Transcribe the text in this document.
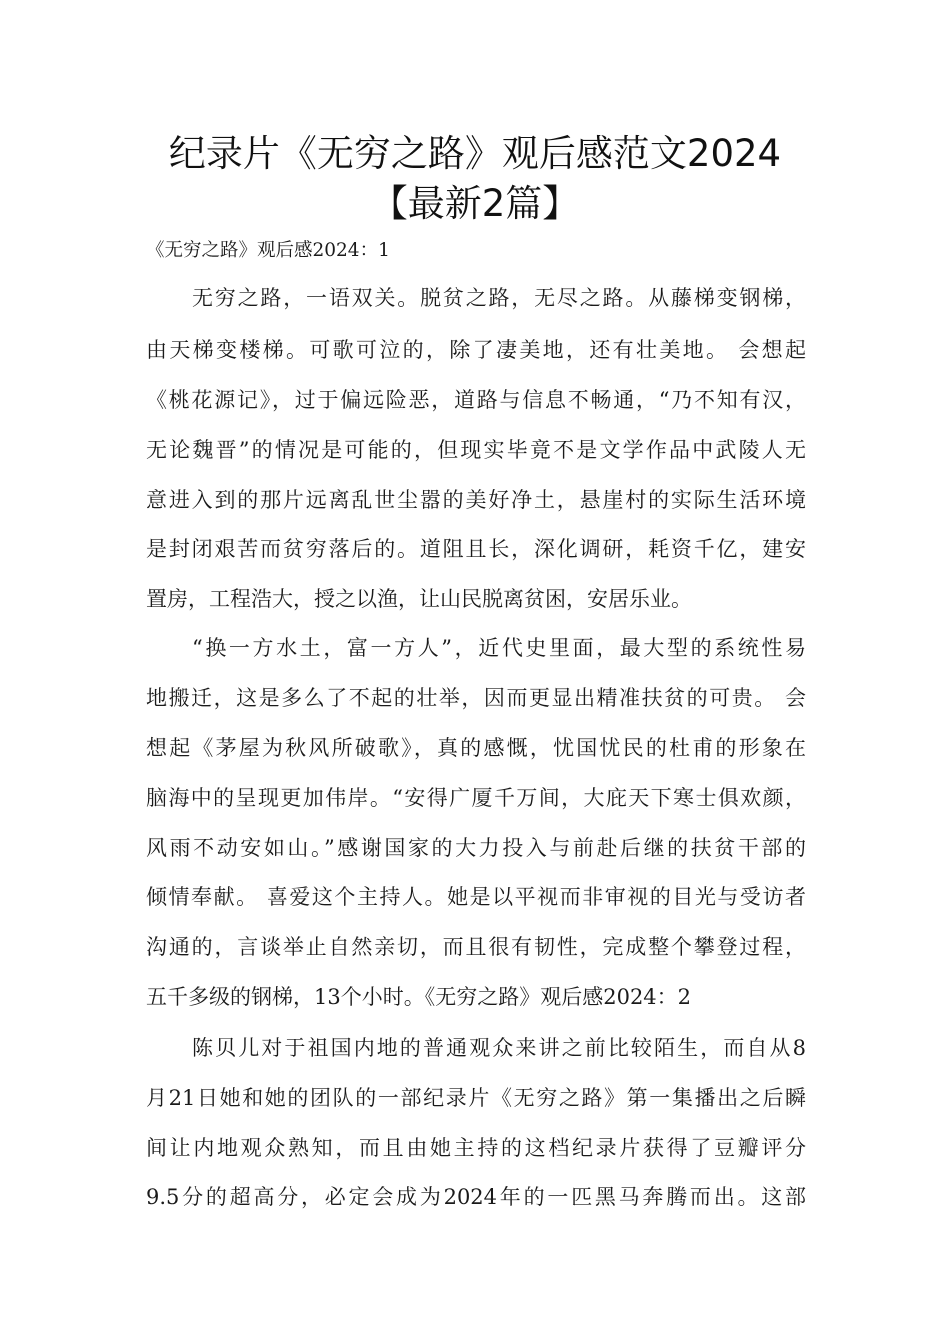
纪录片《无穷之路》观后感范文2024
【最新2篇】
《无穷之路》观后感2024：1
无穷之路，一语双关。脱贫之路，无尽之路。从藤梯变钢梯，
由天梯变楼梯。可歌可泣的，除了凄美地，还有壮美地。 会想起
《桃花源记》，过于偏远险恶，道路与信息不畅通，“乃不知有汉，
无论魏晋”的情况是可能的，但现实毕竟不是文学作品中武陵人无
意进入到的那片远离乱世尘嚣的美好净土，悬崖村的实际生活环境
是封闭艰苦而贫穷落后的。道阻且长，深化调研，耗资千亿，建安
置房，工程浩大，授之以渔，让山民脱离贫困，安居乐业。
“换一方水土，富一方人”，近代史里面，最大型的系统性易
地搬迁，这是多么了不起的壮举，因而更显出精准扶贫的可贵。 会
想起《茅屋为秋风所破歌》，真的感慨，忧国忧民的杜甫的形象在
脑海中的呈现更加伟岸。“安得广厦千万间，大庇天下寒士俱欢颜，
风雨不动安如山。”感谢国家的大力投入与前赴后继的扶贫干部的
倾情奉献。 喜爱这个主持人。她是以平视而非审视的目光与受访者
沟通的，言谈举止自然亲切，而且很有韧性，完成整个攀登过程，
五千多级的钢梯，13个小时。《无穷之路》观后感2024：2
陈贝儿对于祖国内地的普通观众来讲之前比较陌生，而自从8
月21日她和她的团队的一部纪录片《无穷之路》第一集播出之后瞬
间让内地观众熟知，而且由她主持的这档纪录片获得了豆瓣评分
9.5分的超高分，必定会成为2024年的一匹黑马奔腾而出。这部
